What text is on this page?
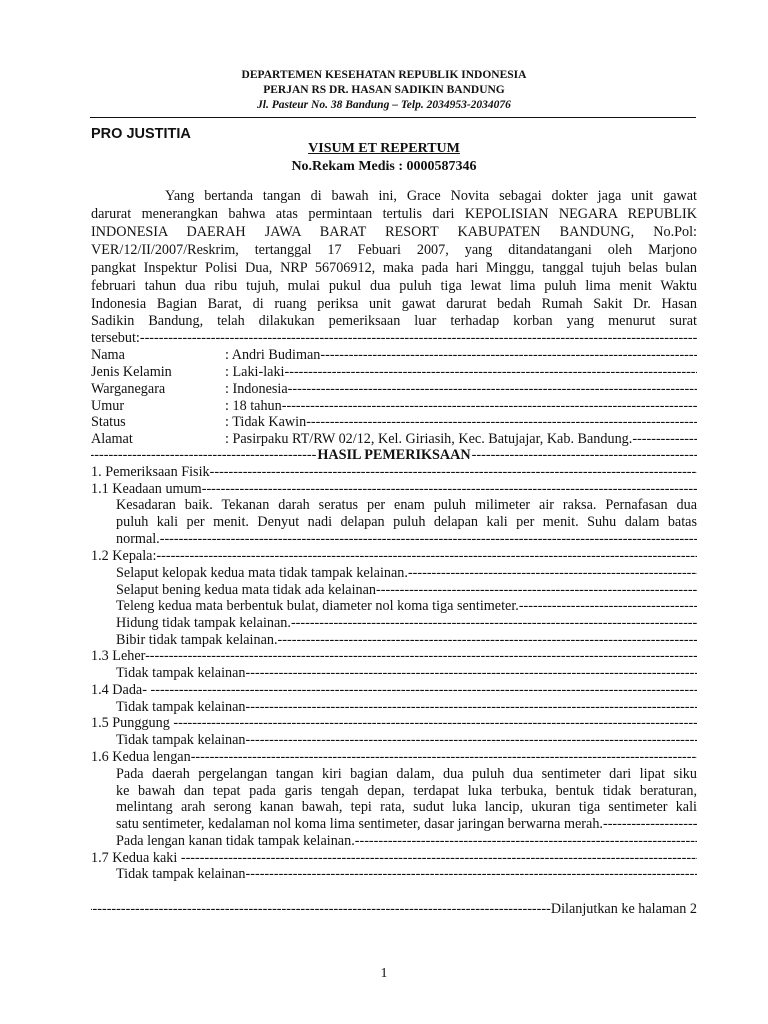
DEPARTEMEN KESEHATAN REPUBLIK INDONESIA
PERJAN RS DR. HASAN SADIKIN BANDUNG
Jl. Pasteur No. 38 Bandung – Telp. 2034953-2034076
PRO JUSTITIA
VISUM ET REPERTUM
No.Rekam Medis : 0000587346
Yang bertanda tangan di bawah ini, Grace Novita sebagai dokter jaga unit gawat
darurat menerangkan bahwa atas permintaan tertulis dari KEPOLISIAN NEGARA REPUBLIK
INDONESIA DAERAH JAWA BARAT RESORT KABUPATEN BANDUNG, No.Pol:
VER/12/II/2007/Reskrim, tertanggal 17 Febuari 2007, yang ditandatangani oleh Marjono
pangkat Inspektur Polisi Dua, NRP 56706912, maka pada hari Minggu, tanggal tujuh belas bulan
februari tahun dua ribu tujuh, mulai pukul dua puluh tiga lewat lima puluh lima menit Waktu
Indonesia Bagian Barat, di ruang periksa unit gawat darurat bedah Rumah Sakit Dr. Hasan
Sadikin Bandung, telah dilakukan pemeriksaan luar terhadap korban yang menurut surat
tersebut: -----
Nama	: Andri Budiman -----
Jenis Kelamin	: Laki-laki -----
Warganegara	: Indonesia -----
Umur	: 18 tahun -----
Status	: Tidak Kawin -----
Alamat	: Pasirpaku RT/RW 02/12, Kel. Giriasih, Kec. Batujajar, Kab. Bandung. -----
-----
HASIL PEMERIKSAAN
-----
1. Pemeriksaan Fisik -----
1.1 Keadaan umum -----
Kesadaran baik. Tekanan darah seratus per enam puluh milimeter air raksa. Pernafasan dua
puluh kali per menit. Denyut nadi delapan puluh delapan kali per menit. Suhu dalam batas
normal. -----
1.2 Kepala: -----
Selaput kelopak kedua mata tidak tampak kelainan. -----
Selaput bening kedua mata tidak ada kelainan -----
Teleng kedua mata berbentuk bulat, diameter nol koma tiga sentimeter. -----
Hidung tidak tampak kelainan. -----
Bibir tidak tampak kelainan. -----
1.3 Leher -----
Tidak tampak kelainan -----
1.4 Dada- -----
Tidak tampak kelainan -----
1.5 Punggung -----
Tidak tampak kelainan -----
1.6 Kedua lengan -----
Pada daerah pergelangan tangan kiri bagian dalam, dua puluh dua sentimeter dari lipat siku
ke bawah dan tepat pada garis tengah depan, terdapat luka terbuka, bentuk tidak beraturan,
melintang arah serong kanan bawah, tepi rata, sudut luka lancip, ukuran tiga sentimeter kali
satu sentimeter, kedalaman nol koma lima sentimeter, dasar jaringan berwarna merah. -----
Pada lengan kanan tidak tampak kelainan. -----
1.7 Kedua kaki -----
Tidak tampak kelainan -----
-----
Dilanjutkan ke halaman 2
1
